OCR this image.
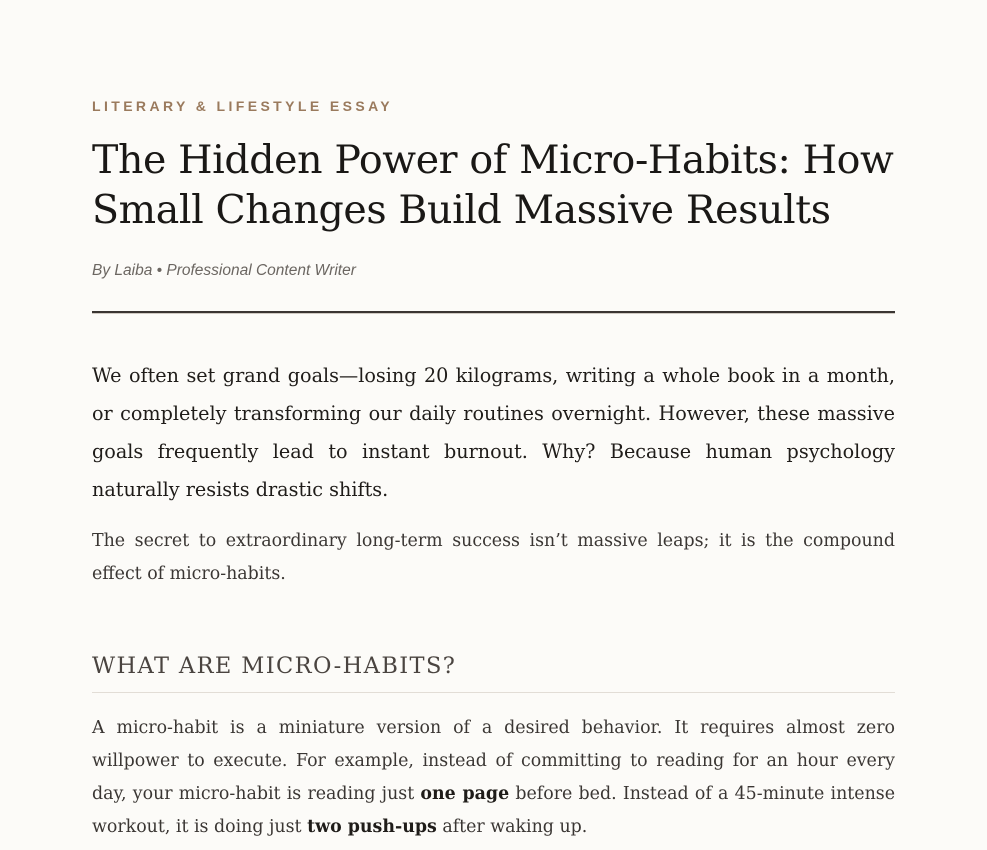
LITERARY & LIFESTYLE ESSAY
The Hidden Power of Micro-Habits: How Small Changes Build Massive Results
By Laiba • Professional Content Writer

We often set grand goals—losing 20 kilograms, writing a whole book in a month, or completely transforming our daily routines overnight. However, these massive goals frequently lead to instant burnout. Why? Because human psychology naturally resists drastic shifts.

The secret to extraordinary long-term success isn’t massive leaps; it is the compound effect of micro-habits.

WHAT ARE MICRO-HABITS?

A micro-habit is a miniature version of a desired behavior. It requires almost zero willpower to execute. For example, instead of committing to reading for an hour every day, your micro-habit is reading just one page before bed. Instead of a 45-minute intense workout, it is doing just two push-ups after waking up.
